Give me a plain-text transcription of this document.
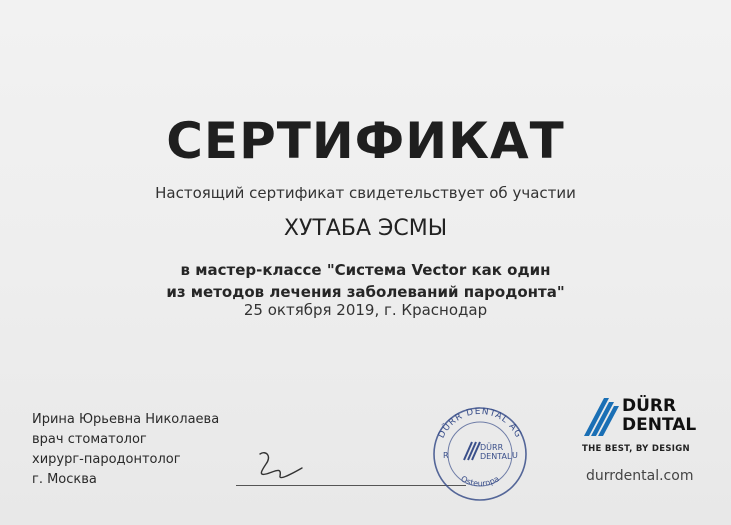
СЕРТИФИКАТ
Настоящий сертификат свидетельствует об участии
ХУТАБА ЭСМЫ
в мастер-классе "Система Vector как один
из методов лечения заболеваний пародонта"
25 октября 2019, г. Краснодар
Ирина Юрьевна Николаева
врач стоматолог
хирург-пародонтолог
г. Москва
DÜRR DENTAL AG
Osteuropa
R	U
DÜRR
DENTAL
DÜRR
DENTAL
THE BEST, BY DESIGN
durrdental.com
